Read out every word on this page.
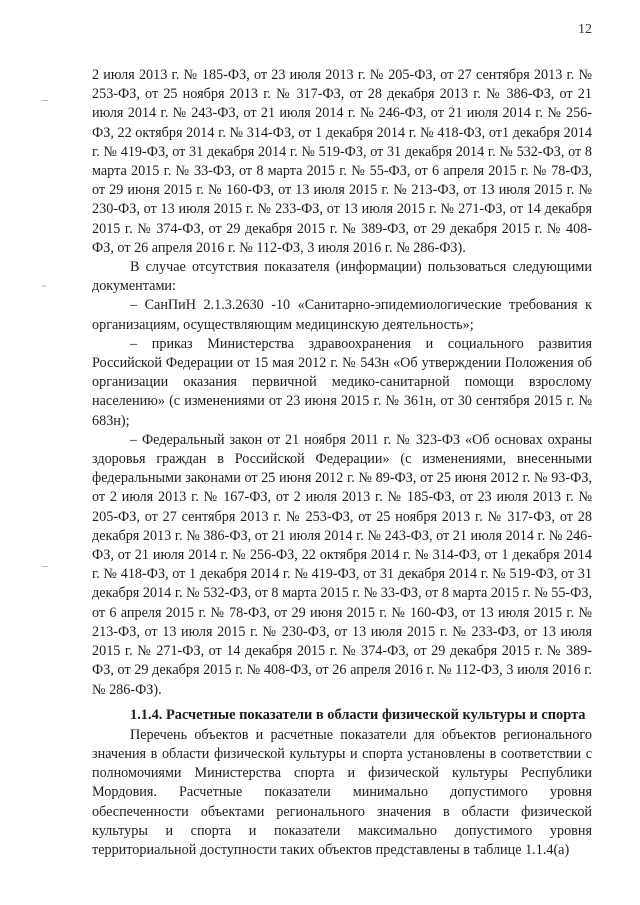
12
–
-
–

2 июля 2013 г. № 185-ФЗ, от 23 июля 2013 г. № 205-ФЗ, от 27 сентября 2013 г. № 253-ФЗ, от 25 ноября 2013 г. № 317-ФЗ, от 28 декабря 2013 г. № 386-ФЗ, от 21 июля 2014 г. № 243-ФЗ, от 21 июля 2014 г. № 246-ФЗ, от 21 июля 2014 г. № 256-ФЗ, 22 октября 2014 г. № 314-ФЗ, от 1 декабря 2014 г. № 418-ФЗ, от1 декабря 2014 г. № 419-ФЗ, от 31 декабря 2014 г. № 519-ФЗ, от 31 декабря 2014 г. № 532-ФЗ, от 8 марта 2015 г. № 33-ФЗ, от 8 марта 2015 г. № 55-ФЗ, от 6 апреля 2015 г. № 78-ФЗ, от 29 июня 2015 г. № 160-ФЗ, от 13 июля 2015 г. № 213-ФЗ, от 13 июля 2015 г. № 230-ФЗ, от 13 июля 2015 г. № 233-ФЗ, от 13 июля 2015 г. № 271-ФЗ, от 14 декабря 2015 г. № 374-ФЗ, от 29 декабря 2015 г. № 389-ФЗ, от 29 декабря 2015 г. № 408-ФЗ, от 26 апреля 2016 г. № 112-ФЗ, 3 июля 2016 г. № 286-ФЗ).

В случае отсутствия показателя (информации) пользоваться следующими документами:

– СанПиН 2.1.3.2630 -10 «Санитарно-эпидемиологические требования к организациям, осуществляющим медицинскую деятельность»;

– приказ Министерства здравоохранения и социального развития Российской Федерации от 15 мая 2012 г. № 543н «Об утверждении Положения об организации оказания первичной медико-санитарной помощи взрослому населению» (с изменениями от 23 июня 2015 г. № 361н, от 30 сентября 2015 г. № 683н);

– Федеральный закон от 21 ноября 2011 г. № 323-ФЗ «Об основах охраны здоровья граждан в Российской Федерации» (с изменениями, внесенными федеральными законами от 25 июня 2012 г. № 89-ФЗ, от 25 июня 2012 г. № 93-ФЗ, от 2 июля 2013 г. № 167-ФЗ, от 2 июля 2013 г. № 185-ФЗ, от 23 июля 2013 г. № 205-ФЗ, от 27 сентября 2013 г. № 253-ФЗ, от 25 ноября 2013 г. № 317-ФЗ, от 28 декабря 2013 г. № 386-ФЗ, от 21 июля 2014 г. № 243-ФЗ, от 21 июля 2014 г. № 246-ФЗ, от 21 июля 2014 г. № 256-ФЗ, 22 октября 2014 г. № 314-ФЗ, от 1 декабря 2014 г. № 418-ФЗ, от 1 декабря 2014 г. № 419-ФЗ, от 31 декабря 2014 г. № 519-ФЗ, от 31 декабря 2014 г. № 532-ФЗ, от 8 марта 2015 г. № 33-ФЗ, от 8 марта 2015 г. № 55-ФЗ, от 6 апреля 2015 г. № 78-ФЗ, от 29 июня 2015 г. № 160-ФЗ, от 13 июля 2015 г. № 213-ФЗ, от 13 июля 2015 г. № 230-ФЗ, от 13 июля 2015 г. № 233-ФЗ, от 13 июля 2015 г. № 271-ФЗ, от 14 декабря 2015 г. № 374-ФЗ, от 29 декабря 2015 г. № 389-ФЗ, от 29 декабря 2015 г. № 408-ФЗ, от 26 апреля 2016 г. № 112-ФЗ, 3 июля 2016 г. № 286-ФЗ).

1.1.4. Расчетные показатели в области физической культуры и спорта

Перечень объектов и расчетные показатели для объектов регионального значения в области физической культуры и спорта установлены в соответствии с полномочиями Министерства спорта и физической культуры Республики Мордовия. Расчетные показатели минимально допустимого уровня обеспеченности объектами регионального значения в области физической культуры и спорта и показатели максимально допустимого уровня территориальной доступности таких объектов представлены в таблице 1.1.4(а)
